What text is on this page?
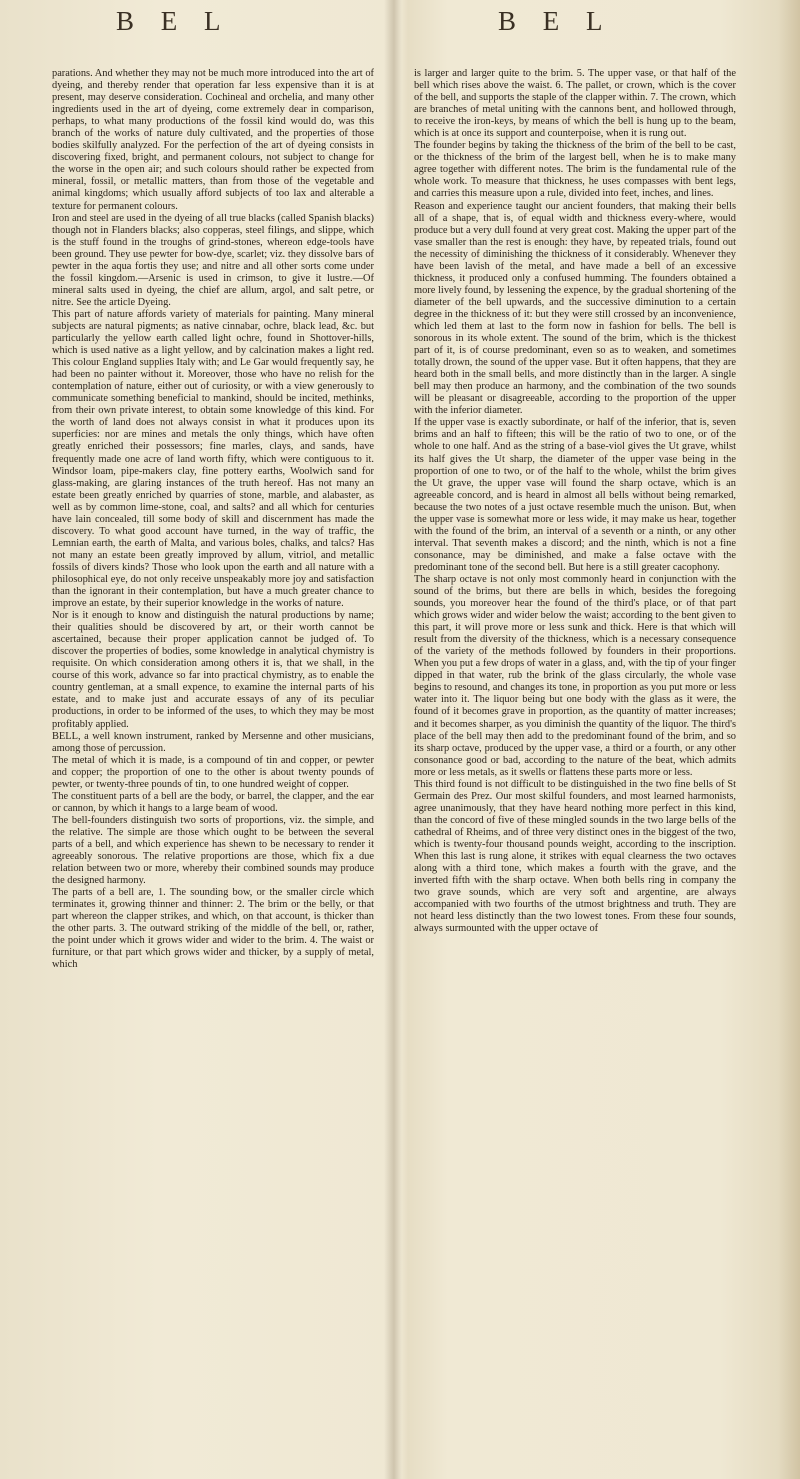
B E L	B E L

parations. And whether they may not be much more introduced into the art of dyeing, and thereby render that operation far less expensive than it is at present, may deserve consideration. Cochineal and orchelia, and many other ingredients used in the art of dyeing, come extremely dear in comparison, perhaps, to what many productions of the fossil kind would do, was this branch of the works of nature duly cultivated, and the properties of those bodies skilfully analyzed. For the perfection of the art of dyeing consists in discovering fixed, bright, and permanent colours, not subject to change for the worse in the open air; and such colours should rather be expected from mineral, fossil, or metallic matters, than from those of the vegetable and animal kingdoms; which usually afford subjects of too lax and alterable a texture for permanent colours.

Iron and steel are used in the dyeing of all true blacks (called Spanish blacks) though not in Flanders blacks; also copperas, steel filings, and slippe, which is the stuff found in the troughs of grind-stones, whereon edge-tools have been ground. They use pewter for bow-dye, scarlet; viz. they dissolve bars of pewter in the aqua fortis they use; and nitre and all other sorts come under the fossil kingdom.—Arsenic is used in crimson, to give it lustre.—Of mineral salts used in dyeing, the chief are allum, argol, and salt petre, or nitre. See the article Dyeing.

This part of nature affords variety of materials for painting. Many mineral subjects are natural pigments; as native cinnabar, ochre, black lead, &c. but particularly the yellow earth called light ochre, found in Shottover-hills, which is used native as a light yellow, and by calcination makes a light red. This colour England supplies Italy with; and Le Gar would frequently say, he had been no painter without it. Moreover, those who have no relish for the contemplation of nature, either out of curiosity, or with a view generously to communicate something beneficial to mankind, should be incited, methinks, from their own private interest, to obtain some knowledge of this kind. For the worth of land does not always consist in what it produces upon its superficies: nor are mines and metals the only things, which have often greatly enriched their possessors; fine marles, clays, and sands, have frequently made one acre of land worth fifty, which were contiguous to it. Windsor loam, pipe-makers clay, fine pottery earths, Woolwich sand for glass-making, are glaring instances of the truth hereof. Has not many an estate been greatly enriched by quarries of stone, marble, and alabaster, as well as by common lime-stone, coal, and salts? and all which for centuries have lain concealed, till some body of skill and discernment has made the discovery. To what good account have turned, in the way of traffic, the Lemnian earth, the earth of Malta, and various boles, chalks, and talcs? Has not many an estate been greatly improved by allum, vitriol, and metallic fossils of divers kinds? Those who look upon the earth and all nature with a philosophical eye, do not only receive unspeakably more joy and satisfaction than the ignorant in their contemplation, but have a much greater chance to improve an estate, by their superior knowledge in the works of nature.

Nor is it enough to know and distinguish the natural productions by name; their qualities should be discovered by art, or their worth cannot be ascertained, because their proper application cannot be judged of. To discover the properties of bodies, some knowledge in analytical chymistry is requisite. On which consideration among others it is, that we shall, in the course of this work, advance so far into practical chymistry, as to enable the country gentleman, at a small expence, to examine the internal parts of his estate, and to make just and accurate essays of any of its peculiar productions, in order to be informed of the uses, to which they may be most profitably applied.

BELL, a well known instrument, ranked by Mersenne and other musicians, among those of percussion.

The metal of which it is made, is a compound of tin and copper, or pewter and copper; the proportion of one to the other is about twenty pounds of pewter, or twenty-three pounds of tin, to one hundred weight of copper.

The constituent parts of a bell are the body, or barrel, the clapper, and the ear or cannon, by which it hangs to a large beam of wood.

The bell-founders distinguish two sorts of proportions, viz. the simple, and the relative. The simple are those which ought to be between the several parts of a bell, and which experience has shewn to be necessary to render it agreeably sonorous. The relative proportions are those, which fix a due relation between two or more, whereby their combined sounds may produce the designed harmony.

The parts of a bell are, 1. The sounding bow, or the smaller circle which terminates it, growing thinner and thinner: 2. The brim or the belly, or that part whereon the clapper strikes, and which, on that account, is thicker than the other parts. 3. The outward striking of the middle of the bell, or, rather, the point under which it grows wider and wider to the brim. 4. The waist or furniture, or that part which grows wider and thicker, by a supply of metal, which

is larger and larger quite to the brim. 5. The upper vase, or that half of the bell which rises above the waist. 6. The pallet, or crown, which is the cover of the bell, and supports the staple of the clapper within. 7. The crown, which are branches of metal uniting with the cannons bent, and hollowed through, to receive the iron-keys, by means of which the bell is hung up to the beam, which is at once its support and counterpoise, when it is rung out.

The founder begins by taking the thickness of the brim of the bell to be cast, or the thickness of the brim of the largest bell, when he is to make many agree together with different notes. The brim is the fundamental rule of the whole work. To measure that thickness, he uses compasses with bent legs, and carries this measure upon a rule, divided into feet, inches, and lines.

Reason and experience taught our ancient founders, that making their bells all of a shape, that is, of equal width and thickness every-where, would produce but a very dull found at very great cost. Making the upper part of the vase smaller than the rest is enough: they have, by repeated trials, found out the necessity of diminishing the thickness of it considerably. Whenever they have been lavish of the metal, and have made a bell of an excessive thickness, it produced only a confused humming. The founders obtained a more lively found, by lessening the expence, by the gradual shortening of the diameter of the bell upwards, and the successive diminution to a certain degree in the thickness of it: but they were still crossed by an inconvenience, which led them at last to the form now in fashion for bells. The bell is sonorous in its whole extent. The sound of the brim, which is the thickest part of it, is of course predominant, even so as to weaken, and sometimes totally drown, the sound of the upper vase. But it often happens, that they are heard both in the small bells, and more distinctly than in the larger. A single bell may then produce an harmony, and the combination of the two sounds will be pleasant or disagreeable, according to the proportion of the upper with the inferior diameter.

If the upper vase is exactly subordinate, or half of the inferior, that is, seven brims and an half to fifteen; this will be the ratio of two to one, or of the whole to one half. And as the string of a base-viol gives the Ut grave, whilst its half gives the Ut sharp, the diameter of the upper vase being in the proportion of one to two, or of the half to the whole, whilst the brim gives the Ut grave, the upper vase will found the sharp octave, which is an agreeable concord, and is heard in almost all bells without being remarked, because the two notes of a just octave resemble much the unison. But, when the upper vase is somewhat more or less wide, it may make us hear, together with the found of the brim, an interval of a seventh or a ninth, or any other interval. That seventh makes a discord; and the ninth, which is not a fine consonance, may be diminished, and make a false octave with the predominant tone of the second bell. But here is a still greater cacophony.

The sharp octave is not only most commonly heard in conjunction with the sound of the brims, but there are bells in which, besides the foregoing sounds, you moreover hear the found of the third's place, or of that part which grows wider and wider below the waist; according to the bent given to this part, it will prove more or less sunk and thick. Here is that which will result from the diversity of the thickness, which is a necessary consequence of the variety of the methods followed by founders in their proportions. When you put a few drops of water in a glass, and, with the tip of your finger dipped in that water, rub the brink of the glass circularly, the whole vase begins to resound, and changes its tone, in proportion as you put more or less water into it. The liquor being but one body with the glass as it were, the found of it becomes grave in proportion, as the quantity of matter increases; and it becomes sharper, as you diminish the quantity of the liquor. The third's place of the bell may then add to the predominant found of the brim, and so its sharp octave, produced by the upper vase, a third or a fourth, or any other consonance good or bad, according to the nature of the beat, which admits more or less metals, as it swells or flattens these parts more or less.

This third found is not difficult to be distinguished in the two fine bells of St Germain des Prez. Our most skilful founders, and most learned harmonists, agree unanimously, that they have heard nothing more perfect in this kind, than the concord of five of these mingled sounds in the two large bells of the cathedral of Rheims, and of three very distinct ones in the biggest of the two, which is twenty-four thousand pounds weight, according to the inscription. When this last is rung alone, it strikes with equal clearness the two octaves along with a third tone, which makes a fourth with the grave, and the inverted fifth with the sharp octave. When both bells ring in company the two grave sounds, which are very soft and argentine, are always accompanied with two fourths of the utmost brightness and truth. They are not heard less distinctly than the two lowest tones. From these four sounds, always surmounted with the upper octave of
